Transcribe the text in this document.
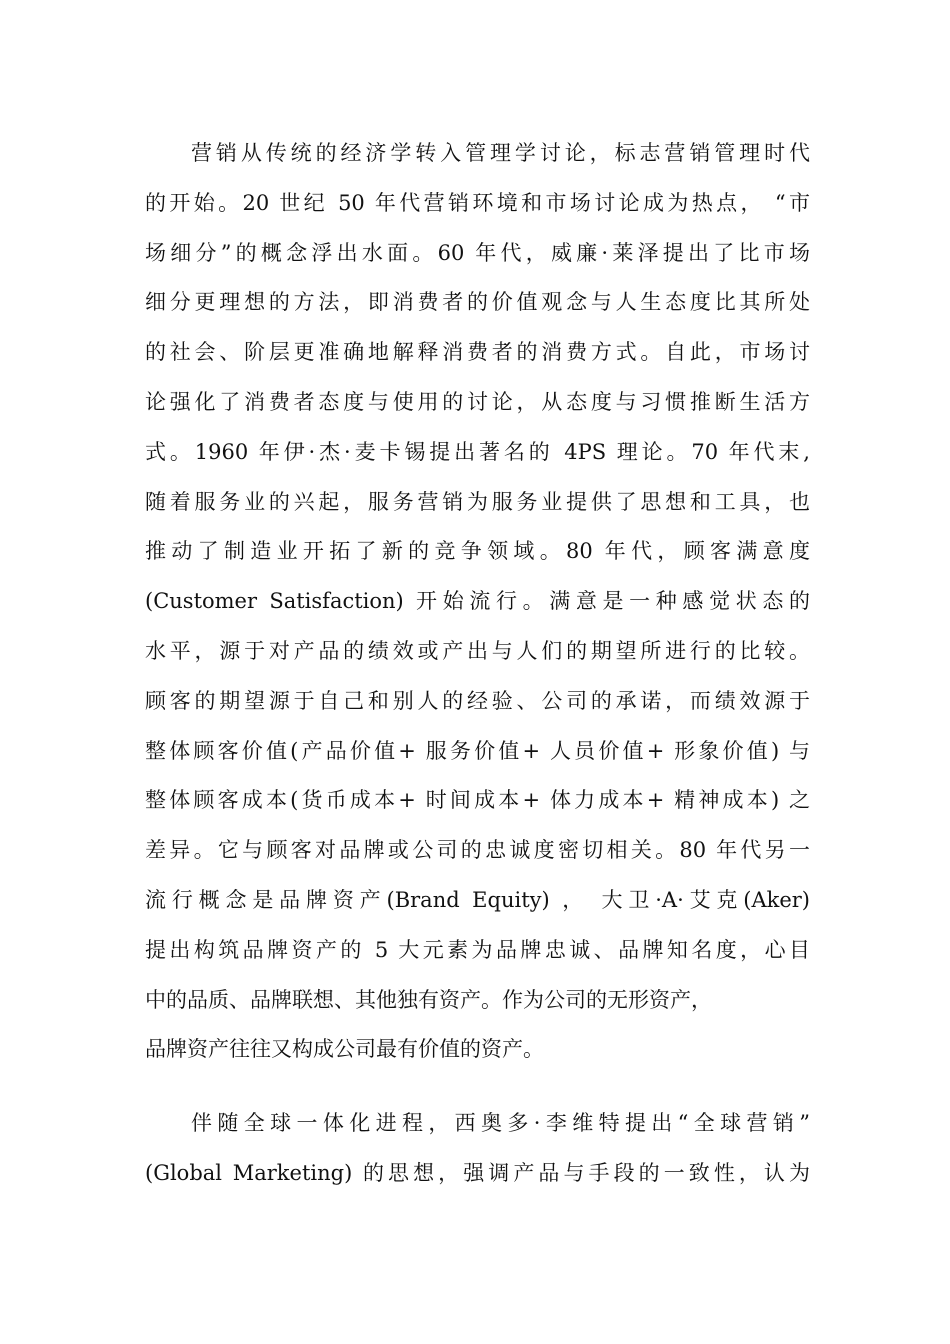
营销从传统的经济学转入管理学讨论，标志营销管理时代
的开始。20 世纪 50 年代营销环境和市场讨论成为热点， “市
场细分”的概念浮出水面。60 年代，威廉·莱泽提出了比市场
细分更理想的方法，即消费者的价值观念与人生态度比其所处
的社会、阶层更准确地解释消费者的消费方式。自此，市场讨
论强化了消费者态度与使用的讨论，从态度与习惯推断生活方
式。1960 年伊·杰·麦卡锡提出著名的 4PS 理论。70 年代末,
随着服务业的兴起，服务营销为服务业提供了思想和工具，也
推动了制造业开拓了新的竞争领域。80 年代，顾客满意度
(Customer Satisfaction) 开始流行。满意是一种感觉状态的
水平，源于对产品的绩效或产出与人们的期望所进行的比较。
顾客的期望源于自己和别人的经验、公司的承诺，而绩效源于
整体顾客价值(产品价值+ 服务价值+ 人员价值+ 形象价值) 与
整体顾客成本(货币成本+ 时间成本+ 体力成本+ 精神成本) 之
差异。它与顾客对品牌或公司的忠诚度密切相关。80 年代另一
流行概念是品牌资产(Brand Equity) ， 大卫·A·艾克(Aker)
提出构筑品牌资产的 5 大元素为品牌忠诚、品牌知名度，心目
中的品质、品牌联想、其他独有资产。作为公司的无形资产，
品牌资产往往又构成公司最有价值的资产。
伴随全球一体化进程，西奥多·李维特提出“全球营销”
(Global Marketing) 的思想，强调产品与手段的一致性，认为
